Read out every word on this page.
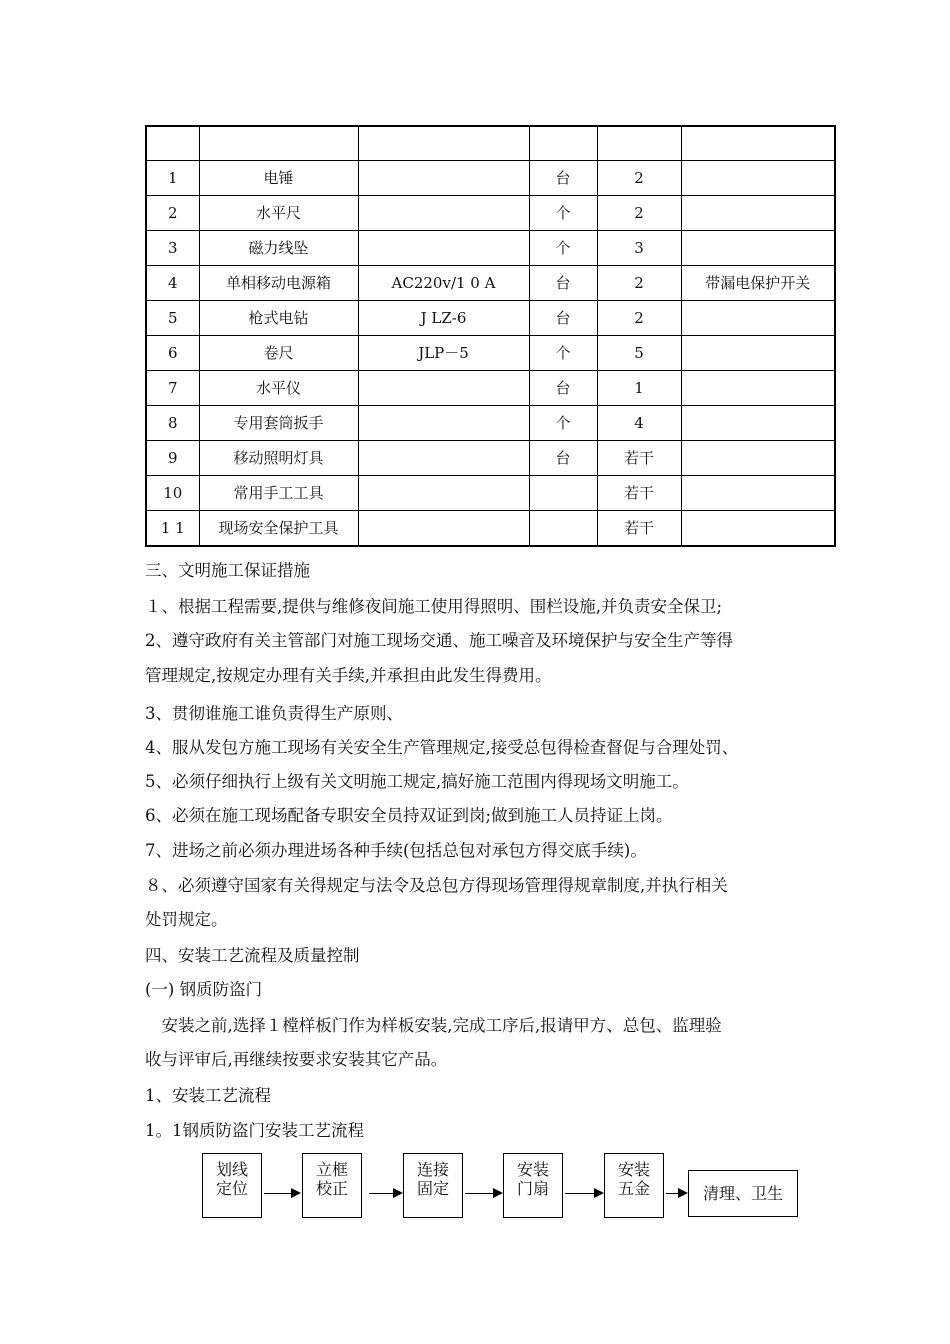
1	电锤		台	2	
2	水平尺		个	2	
3	磁力线坠		个	3	
4	单相移动电源箱	AC220v/1 0 A	台	2	带漏电保护开关
5	枪式电钻	J LZ-6	台	2	
6	卷尺	JLP－5	个	5	
7	水平仪		台	1	
8	专用套筒扳手		个	4	
9	移动照明灯具		台	若干	
10	常用手工工具			若干	
1 1	现场安全保护工具			若干	
三、文明施工保证措施
１、根据工程需要,提供与维修夜间施工使用得照明、围栏设施,并负责安全保卫;
2、遵守政府有关主管部门对施工现场交通、施工噪音及环境保护与安全生产等得
管理规定,按规定办理有关手续,并承担由此发生得费用。
3、贯彻谁施工谁负责得生产原则、
4、服从发包方施工现场有关安全生产管理规定,接受总包得检查督促与合理处罚、
5、必须仔细执行上级有关文明施工规定,搞好施工范围内得现场文明施工。
6、必须在施工现场配备专职安全员持双证到岗;做到施工人员持证上岗。
7、进场之前必须办理进场各种手续(包括总包对承包方得交底手续)。
８、必须遵守国家有关得规定与法令及总包方得现场管理得规章制度,并执行相关
处罚规定。
四、安装工艺流程及质量控制
(一) 钢质防盗门
　安装之前,选择１樘样板门作为样板安装,完成工序后,报请甲方、总包、监理验
收与评审后,再继续按要求安装其它产品。
1、安装工艺流程
1。1钢质防盗门安装工艺流程
划线
定位
立框
校正
连接
固定
安装
门扇
安装
五金	清理、卫生
